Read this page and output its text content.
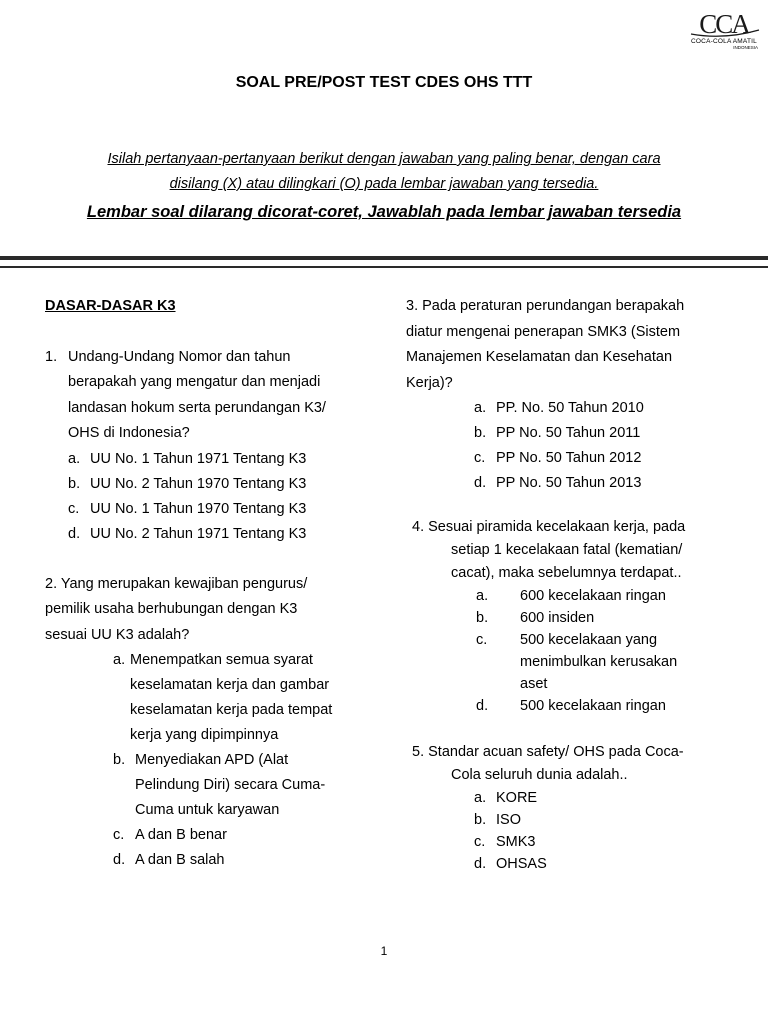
CCA
COCA-COLA AMATIL
INDONESIA
SOAL PRE/POST TEST CDES OHS TTT
Isilah pertanyaan-pertanyaan berikut dengan jawaban yang paling benar, dengan cara
disilang (X) atau dilingkari (O) pada lembar jawaban yang tersedia.
Lembar soal dilarang dicorat-coret, Jawablah pada lembar jawaban tersedia

DASAR-DASAR K3

1. Undang-Undang Nomor dan tahun

berapakah yang mengatur dan menjadi

landasan hokum serta perundangan K3/

OHS di Indonesia?

a. UU No. 1 Tahun 1971 Tentang K3
b. UU No. 2 Tahun 1970 Tentang K3
c. UU No. 1 Tahun 1970 Tentang K3
d. UU No. 2 Tahun 1971 Tentang K3

2. Yang merupakan kewajiban pengurus/

pemilik usaha berhubungan dengan K3

sesuai UU K3 adalah?

a. Menempatkan semua syarat

keselamatan kerja dan gambar

keselamatan kerja pada tempat

kerja yang dipimpinnya

b. Menyediakan APD (Alat

Pelindung Diri) secara Cuma-

Cuma untuk karyawan

c. A dan B benar

d. A dan B salah

3. Pada peraturan perundangan berapakah

diatur mengenai penerapan SMK3 (Sistem

Manajemen Keselamatan dan Kesehatan

Kerja)?

a. PP. No. 50 Tahun 2010
b. PP No. 50 Tahun 2011
c. PP No. 50 Tahun 2012
d. PP No. 50 Tahun 2013

4. Sesuai piramida kecelakaan kerja, pada

setiap 1 kecelakaan fatal (kematian/

cacat), maka sebelumnya terdapat..

a.	600 kecelakaan ringan

b.	600 insiden

c.	500 kecelakaan yang

menimbulkan kerusakan

aset

d.	500 kecelakaan ringan

5. Standar acuan safety/ OHS pada Coca-

Cola seluruh dunia adalah..

a. KORE
b. ISO
c. SMK3
d. OHSAS
1
